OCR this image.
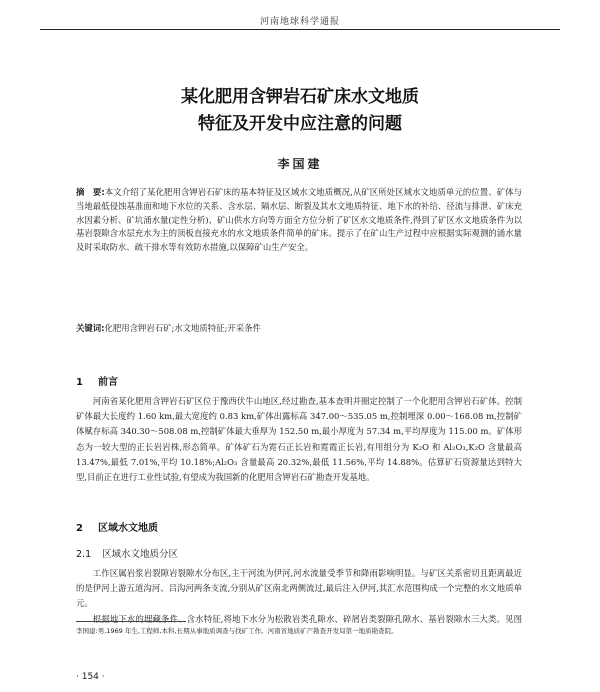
河南地球科学通报
某化肥用含钾岩石矿床水文地质
特征及开发中应注意的问题
李国建
摘　要:本文介绍了某化肥用含钾岩石矿床的基本特征及区域水文地质概况,从矿区所处区域水文地质单元的位置、矿体与当地最低侵蚀基准面和地下水位的关系、含水层、隔水层、断裂及其水文地质特征、地下水的补给、径流与排泄、矿床充水因素分析、矿坑涌水量(定性分析)、矿山供水方向等方面全方位分析了矿区水文地质条件,得到了矿区水文地质条件为以基岩裂隙含水层充水为主的顶板直接充水的水文地质条件简单的矿床。提示了在矿山生产过程中应根据实际观测的涌水量及时采取防水、疏干排水等有效防水措施,以保障矿山生产安全。
关键词:化肥用含钾岩石矿;水文地质特征;开采条件
1 前言

河南省某化肥用含钾岩石矿区位于豫西伏牛山地区,经过勘查,基本查明并圈定控制了一个化肥用含钾岩石矿体。控制矿体最大长度约 1.60 km,最大宽度约 0.83 km,矿体出露标高 347.00～535.05 m,控制埋深 0.00～168.08 m,控制矿体赋存标高 340.30～508.08 m,控制矿体最大垂厚为 152.50 m,最小厚度为 57.34 m,平均厚度为 115.00 m。矿体形态为一较大型的正长岩岩株,形态简单。矿体矿石为霓石正长岩和霓霞正长岩,有用组分为 K₂O 和 Al₂O₃,K₂O 含量最高 13.47%,最低 7.01%,平均 10.18%;Al₂O₃ 含量最高 20.32%,最低 11.56%,平均 14.88%。估算矿石资源量达到特大型,目前正在进行工业性试验,有望成为我国新的化肥用含钾岩石矿勘查开发基地。

2 区域水文地质
2.1 区域水文地质分区

工作区属岩浆岩裂隙岩裂隙水分布区,主干河流为伊河,河水流量受季节和降雨影响明显。与矿区关系密切且距离最近的是伊河上游五道沟河、吕沟河两条支流,分别从矿区南北两侧流过,最后注入伊河,其汇水范围构成一个完整的水文地质单元。

根据地下水的埋藏条件、含水特征,将地下水分为松散岩类孔隙水、碎屑岩类裂隙孔隙水、基岩裂隙水三大类。见图

李国建:男,1969 年生,工程师,本科,长期从事地质调查与找矿工作。河南省地质矿产勘查开发局第一地质勘查院。
· 154 ·
